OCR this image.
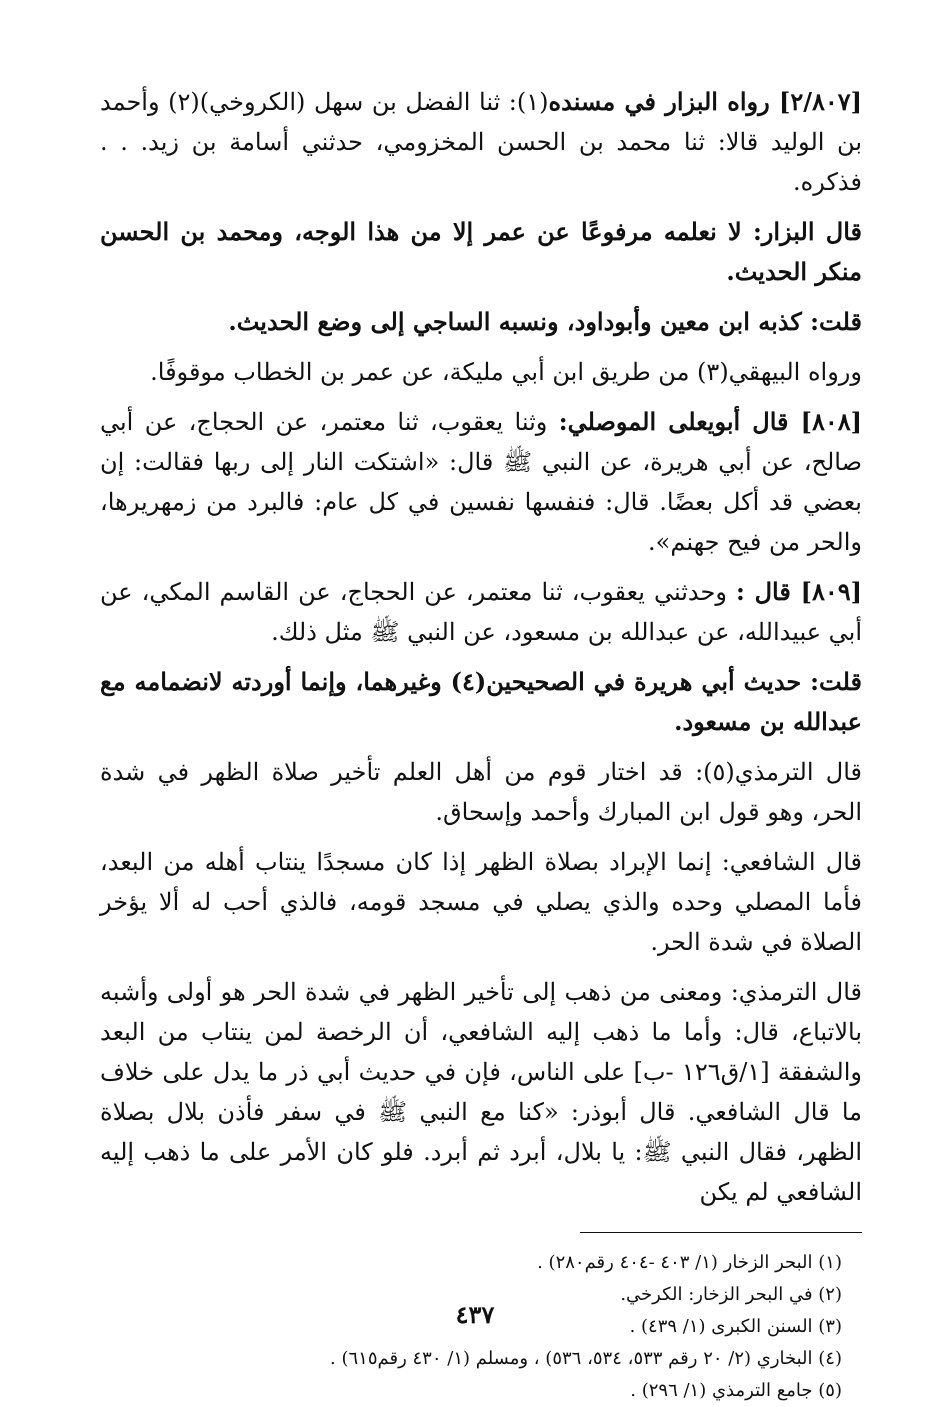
[٢/٨٠٧] رواه البزار في مسنده(١): ثنا الفضل بن سهل (الكروخي)(٢) وأحمد بن الوليد قالا: ثنا محمد بن الحسن المخزومي، حدثني أسامة بن زيد. . . فذكره.

قال البزار: لا نعلمه مرفوعًا عن عمر إلا من هذا الوجه، ومحمد بن الحسن منكر الحديث.

قلت: كذبه ابن معين وأبوداود، ونسبه الساجي إلى وضع الحديث.

ورواه البيهقي(٣) من طريق ابن أبي مليكة، عن عمر بن الخطاب موقوفًا.

[٨٠٨] قال أبويعلى الموصلي: وثنا يعقوب، ثنا معتمر، عن الحجاج، عن أبي صالح، عن أبي هريرة، عن النبي ﷺ قال: «اشتكت النار إلى ربها فقالت: إن بعضي قد أكل بعضًا. قال: فنفسها نفسين في كل عام: فالبرد من زمهريرها، والحر من فيح جهنم».

[٨٠٩] قال : وحدثني يعقوب، ثنا معتمر، عن الحجاج، عن القاسم المكي، عن أبي عبيدالله، عن عبدالله بن مسعود، عن النبي ﷺ مثل ذلك.

قلت: حديث أبي هريرة في الصحيحين(٤) وغيرهما، وإنما أوردته لانضمامه مع عبدالله بن مسعود.

قال الترمذي(٥): قد اختار قوم من أهل العلم تأخير صلاة الظهر في شدة الحر، وهو قول ابن المبارك وأحمد وإسحاق.

قال الشافعي: إنما الإبراد بصلاة الظهر إذا كان مسجدًا ينتاب أهله من البعد، فأما المصلي وحده والذي يصلي في مسجد قومه، فالذي أحب له ألا يؤخر الصلاة في شدة الحر.

قال الترمذي: ومعنى من ذهب إلى تأخير الظهر في شدة الحر هو أولى وأشبه بالاتباع، قال: وأما ما ذهب إليه الشافعي، أن الرخصة لمن ينتاب من البعد والشفقة [١/ق١٢٦ -ب] على الناس، فإن في حديث أبي ذر ما يدل على خلاف ما قال الشافعي. قال أبوذر: «كنا مع النبي ﷺ في سفر فأذن بلال بصلاة الظهر، فقال النبي ﷺ: يا بلال، أبرد ثم أبرد. فلو كان الأمر على ما ذهب إليه الشافعي لم يكن

(١) البحر الزخار (١/ ٤٠٣ -٤٠٤ رقم٢٨٠) .

(٢) في البحر الزخار: الكرخي.

(٣) السنن الكبرى (١/ ٤٣٩) .

(٤) البخاري (٢/ ٢٠ رقم ٥٣٣، ٥٣٤، ٥٣٦) ، ومسلم (١/ ٤٣٠ رقم٦١٥) .

(٥) جامع الترمذي (١/ ٢٩٦) .

٤٣٧
